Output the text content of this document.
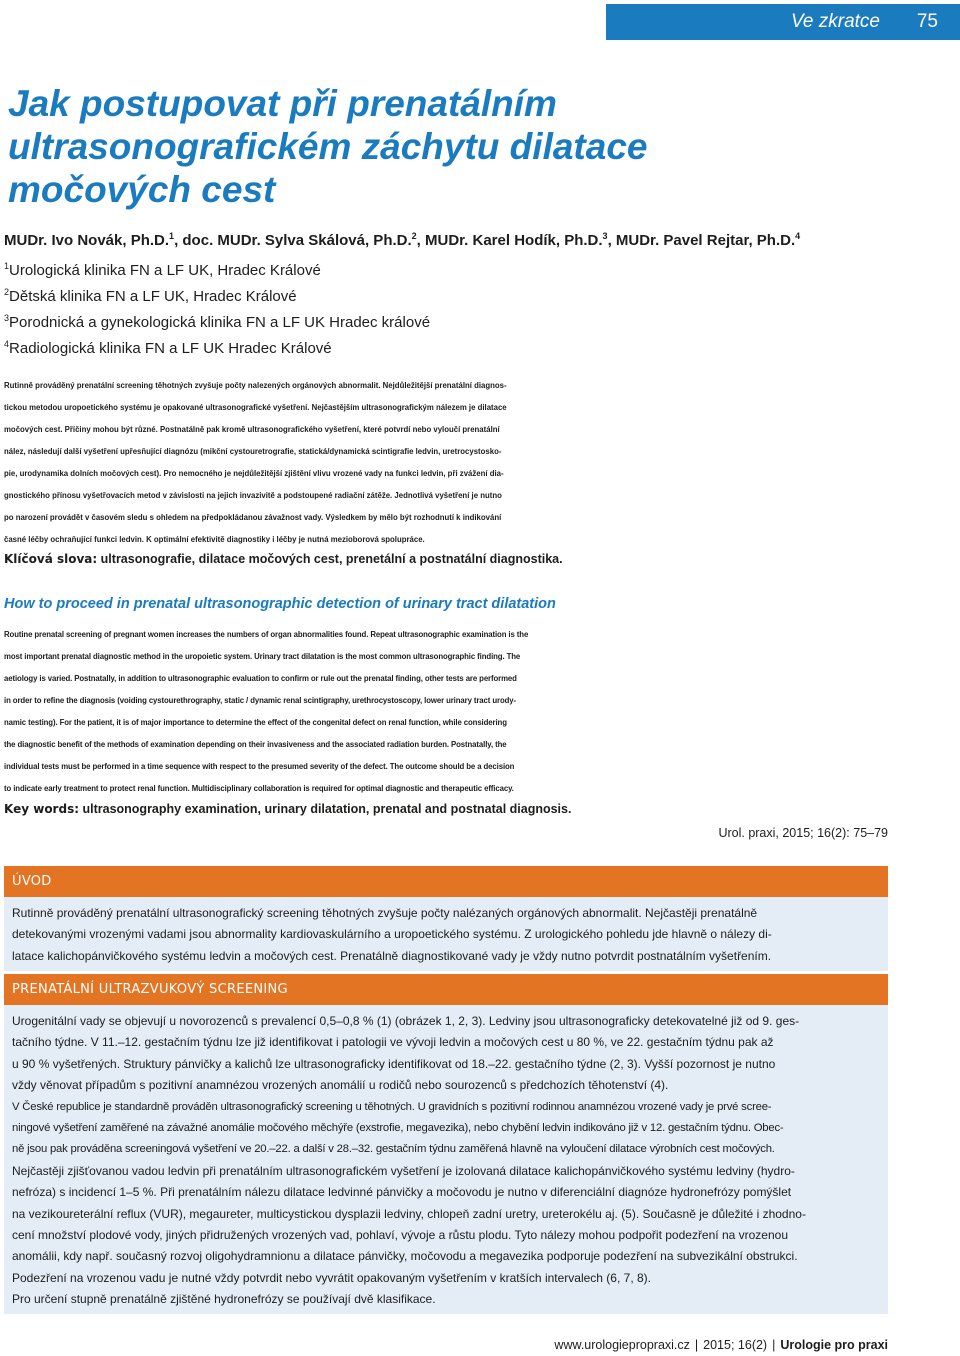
Ve zkratce 75
Jak postupovat při prenatálním
ultrasonografickém záchytu dilatace
močových cest

MUDr. Ivo Novák, Ph.D.$^1$, doc. MUDr. Sylva Skálová, Ph.D.$^2$, MUDr. Karel Hodík, Ph.D.$^3$, MUDr. Pavel Rejtar, Ph.D.$^4$

$^1$Urologická klinika FN a LF UK, Hradec Králové
$^2$Dětská klinika FN a LF UK, Hradec Králové
$^3$Porodnická a gynekologická klinika FN a LF UK Hradec králové
$^4$Radiologická klinika FN a LF UK Hradec Králové
Rutinně prováděný prenatální screening těhotných zvyšuje počty nalezených orgánových abnormalit. Nejdůležitější prenatální diagnos-
tickou metodou uropoetického systému je opakované ultrasonografické vyšetření. Nejčastějším ultrasonografickým nálezem je dilatace
močových cest. Příčiny mohou být různé. Postnatálně pak kromě ultrasonografického vyšetření, které potvrdí nebo vyloučí prenatální
nález, následují další vyšetření upřesňující diagnózu (mikční cystouretrografie, statická/dynamická scintigrafie ledvin, uretrocystosko-
pie, urodynamika dolních močových cest). Pro nemocného je nejdůležitější zjištění vlivu vrozené vady na funkci ledvin, při zvážení dia-
gnostického přínosu vyšetřovacích metod v závislosti na jejich invazivitě a podstoupené radiační zátěže. Jednotlivá vyšetření je nutno
po narození provádět v časovém sledu s ohledem na předpokládanou závažnost vady. Výsledkem by mělo být rozhodnutí k indikování
časné léčby ochraňující funkci ledvin. K optimální efektivitě diagnostiky i léčby je nutná mezioborová spolupráce.

Klíčová slova: ultrasonografie, dilatace močových cest, prenetální a postnatální diagnostika.

How to proceed in prenatal ultrasonographic detection of urinary tract dilatation
Routine prenatal screening of pregnant women increases the numbers of organ abnormalities found. Repeat ultrasonographic examination is the
most important prenatal diagnostic method in the uropoietic system. Urinary tract dilatation is the most common ultrasonographic finding. The
aetiology is varied. Postnatally, in addition to ultrasonographic evaluation to confirm or rule out the prenatal finding, other tests are performed
in order to refine the diagnosis (voiding cystourethrography, static / dynamic renal scintigraphy, urethrocystoscopy, lower urinary tract urody-
namic testing). For the patient, it is of major importance to determine the effect of the congenital defect on renal function, while considering
the diagnostic benefit of the methods of examination depending on their invasiveness and the associated radiation burden. Postnatally, the
individual tests must be performed in a time sequence with respect to the presumed severity of the defect. The outcome should be a decision
to indicate early treatment to protect renal function. Multidisciplinary collaboration is required for optimal diagnostic and therapeutic efficacy.

Key words: ultrasonography examination, urinary dilatation, prenatal and postnatal diagnosis.

Urol. praxi, 2015; 16(2): 75–79

ÚVOD
Rutinně prováděný prenatální ultrasonografický screening těhotných zvyšuje počty nalézaných orgánových abnormalit. Nejčastěji prenatálně
detekovanými vrozenými vadami jsou abnormality kardiovaskulárního a uropoetického systému. Z urologického pohledu jde hlavně o nálezy di-
latace kalichopánvičkového systému ledvin a močových cest. Prenatálně diagnostikované vady je vždy nutno potvrdit postnatálním vyšetřením.
PRENATÁLNÍ ULTRAZVUKOVÝ SCREENING
Urogenitální vady se objevují u novorozenců s prevalencí 0,5–0,8 % (1) (obrázek 1, 2, 3). Ledviny jsou ultrasonograficky detekovatelné již od 9. ges-
tačního týdne. V 11.–12. gestačním týdnu lze již identifikovat i patologii ve vývoji ledvin a močových cest u 80 %, ve 22. gestačním týdnu pak až
u 90 % vyšetřených. Struktury pánvičky a kalichů lze ultrasonograficky identifikovat od 18.–22. gestačního týdne (2, 3). Vyšší pozornost je nutno
vždy věnovat případům s pozitivní anamnézou vrozených anomálií u rodičů nebo sourozenců s předchozích těhotenství (4).
V České republice je standardně prováděn ultrasonografický screening u těhotných. U gravidních s pozitivní rodinnou anamnézou vrozené vady je prvé scree-
ningové vyšetření zaměřené na závažné anomálie močového měchýře (exstrofie, megavezika), nebo chybění ledvin indikováno již v 12. gestačním týdnu. Obec-
ně jsou pak prováděna screeningová vyšetření ve 20.–22. a další v 28.–32. gestačním týdnu zaměřená hlavně na vyloučení dilatace výrobních cest močových.
Nejčastěji zjišťovanou vadou ledvin při prenatálním ultrasonografickém vyšetření je izolovaná dilatace kalichopánvičkového systému ledviny (hydro-
nefróza) s incidencí 1–5 %. Při prenatálním nálezu dilatace ledvinné pánvičky a močovodu je nutno v diferenciální diagnóze hydronefrózy pomýšlet
na vezikoureterální reflux (VUR), megaureter, multicystickou dysplazii ledviny, chlopeň zadní uretry, ureterokélu aj. (5). Současně je důležité i zhodno-
cení množství plodové vody, jiných přidružených vrozených vad, pohlaví, vývoje a růstu plodu. Tyto nálezy mohou podpořit podezření na vrozenou
anomálii, kdy např. současný rozvoj oligohydramnionu a dilatace pánvičky, močovodu a megavezika podporuje podezření na subvezikální obstrukci.
Podezření na vrozenou vadu je nutné vždy potvrdit nebo vyvrátit opakovaným vyšetřením v kratších intervalech (6, 7, 8).
Pro určení stupně prenatálně zjištěné hydronefrózy se používají dvě klasifikace.

www.urologiepropraxi.cz | 2015; 16(2) | Urologie pro praxi
